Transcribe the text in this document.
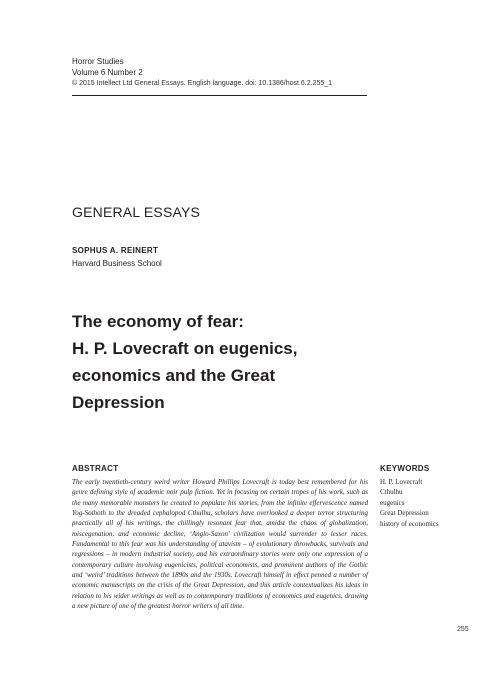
Horror Studies
Volume 6 Number 2
© 2015 Intellect Ltd General Essays. English language. doi: 10.1386/host.6.2.255_1
GENERAL ESSAYS
SOPHUS A. REINERT
Harvard Business School
The economy of fear:
H. P. Lovecraft on eugenics,
economics and the Great
Depression
ABSTRACT

The early twentieth-century weird writer Howard Phillips Lovecraft is today best remembered for his genre defining style of academic noir pulp fiction. Yet in focusing on certain tropes of his work, such as the many memorable monsters he created to populate his stories, from the infinite effervescence named Yog-Sothoth to the dreaded cephalopod Cthulhu, scholars have overlooked a deeper terror structuring practically all of his writings, the chillingly resonant fear that, amidst the chaos of globalization, miscegenation, and economic decline, ‘Anglo-Saxon’ civilization would surrender to lesser races. Fundamental to this fear was his understanding of atavism – of evolutionary throwbacks, survivals and regressions – in modern industrial society, and his extraordinary stories were only one expression of a contemporary culture involving eugenicists, political economists, and prominent authors of the Gothic and ‘weird’ traditions between the 1890s and the 1930s. Lovecraft himself in effect penned a number of economic manuscripts on the crisis of the Great Depression, and this article contextualizes his ideas in relation to his wider writings as well as to contemporary traditions of economics and eugenics, drawing a new picture of one of the greatest horror writers of all time.

KEYWORDS
H. P. Lovecraft
Cthulhu
eugenics
Great Depression
history of economics
255
